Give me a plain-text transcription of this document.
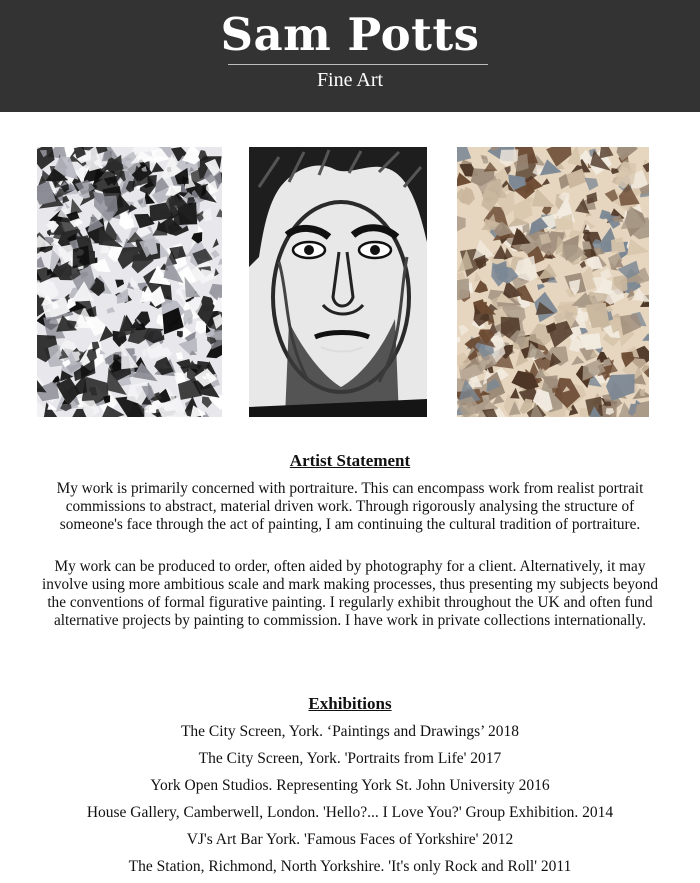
Sam Potts
Fine Art
Artist Statement
My work is primarily concerned with portraiture. This can encompass work from realist portrait commissions to abstract, material driven work. Through rigorously analysing the structure of someone's face through the act of painting, I am continuing the cultural tradition of portraiture.
My work can be produced to order, often aided by photography for a client. Alternatively, it may involve using more ambitious scale and mark making processes, thus presenting my subjects beyond the conventions of formal figurative painting. I regularly exhibit throughout the UK and often fund alternative projects by painting to commission. I have work in private collections internationally.
Exhibitions
The City Screen, York. ‘Paintings and Drawings’ 2018
The City Screen, York. 'Portraits from Life' 2017
York Open Studios. Representing York St. John University 2016
House Gallery, Camberwell, London. 'Hello?... I Love You?' Group Exhibition. 2014
VJ's Art Bar York. 'Famous Faces of Yorkshire' 2012
The Station, Richmond, North Yorkshire. 'It's only Rock and Roll' 2011
